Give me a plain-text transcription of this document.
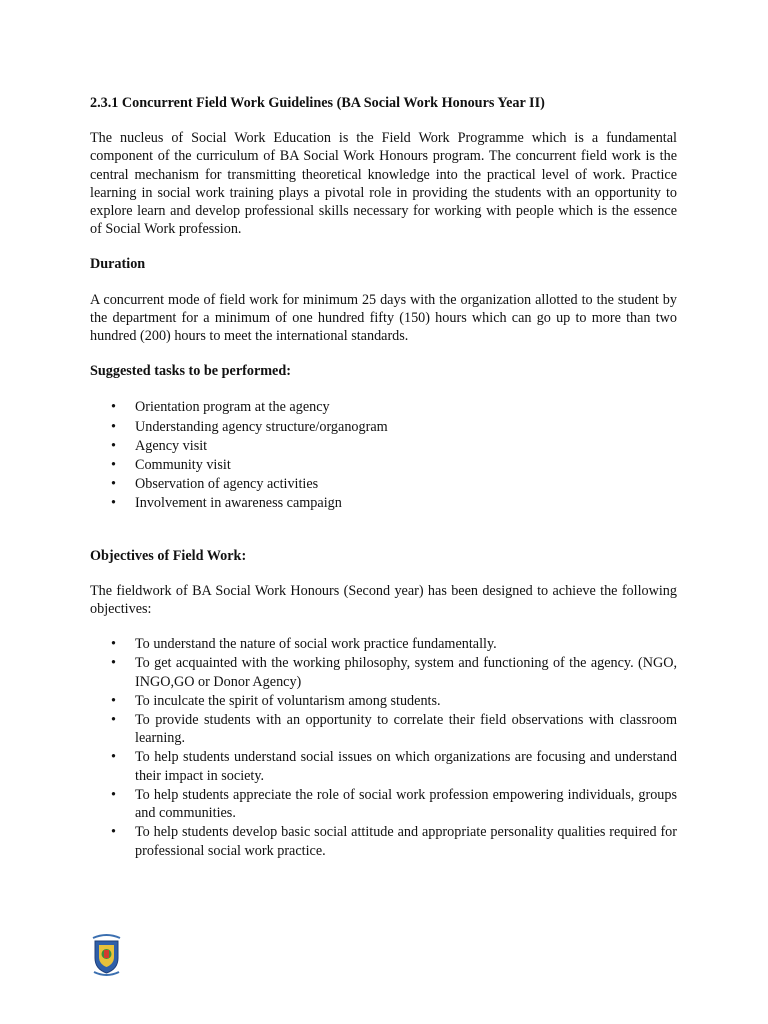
2.3.1 Concurrent Field Work Guidelines (BA Social Work Honours Year II)

The nucleus of Social Work Education is the Field Work Programme which is a fundamental component of the curriculum of BA Social Work Honours program. The concurrent field work is the central mechanism for transmitting theoretical knowledge into the practical level of work. Practice learning in social work training plays a pivotal role in providing the students with an opportunity to explore learn and develop professional skills necessary for working with people which is the essence of Social Work profession.

Duration

A concurrent mode of field work for minimum 25 days with the organization allotted to the student by the department for a minimum of one hundred fifty (150) hours which can go up to more than two hundred (200) hours to meet the international standards.

Suggested tasks to be performed:

• Orientation program at the agency
• Understanding agency structure/organogram
• Agency visit
• Community visit
• Observation of agency activities
• Involvement in awareness campaign

Objectives of Field Work:

The fieldwork of BA Social Work Honours (Second year) has been designed to achieve the following objectives:

• To understand the nature of social work practice fundamentally.
• To get acquainted with the working philosophy, system and functioning of the agency. (NGO, INGO,GO or Donor Agency)
• To inculcate the spirit of voluntarism among students.
• To provide students with an opportunity to correlate their field observations with classroom learning.
• To help students understand social issues on which organizations are focusing and understand their impact in society.
• To help students appreciate the role of social work profession empowering individuals, groups and communities.
• To help students develop basic social attitude and appropriate personality qualities required for professional social work practice.
